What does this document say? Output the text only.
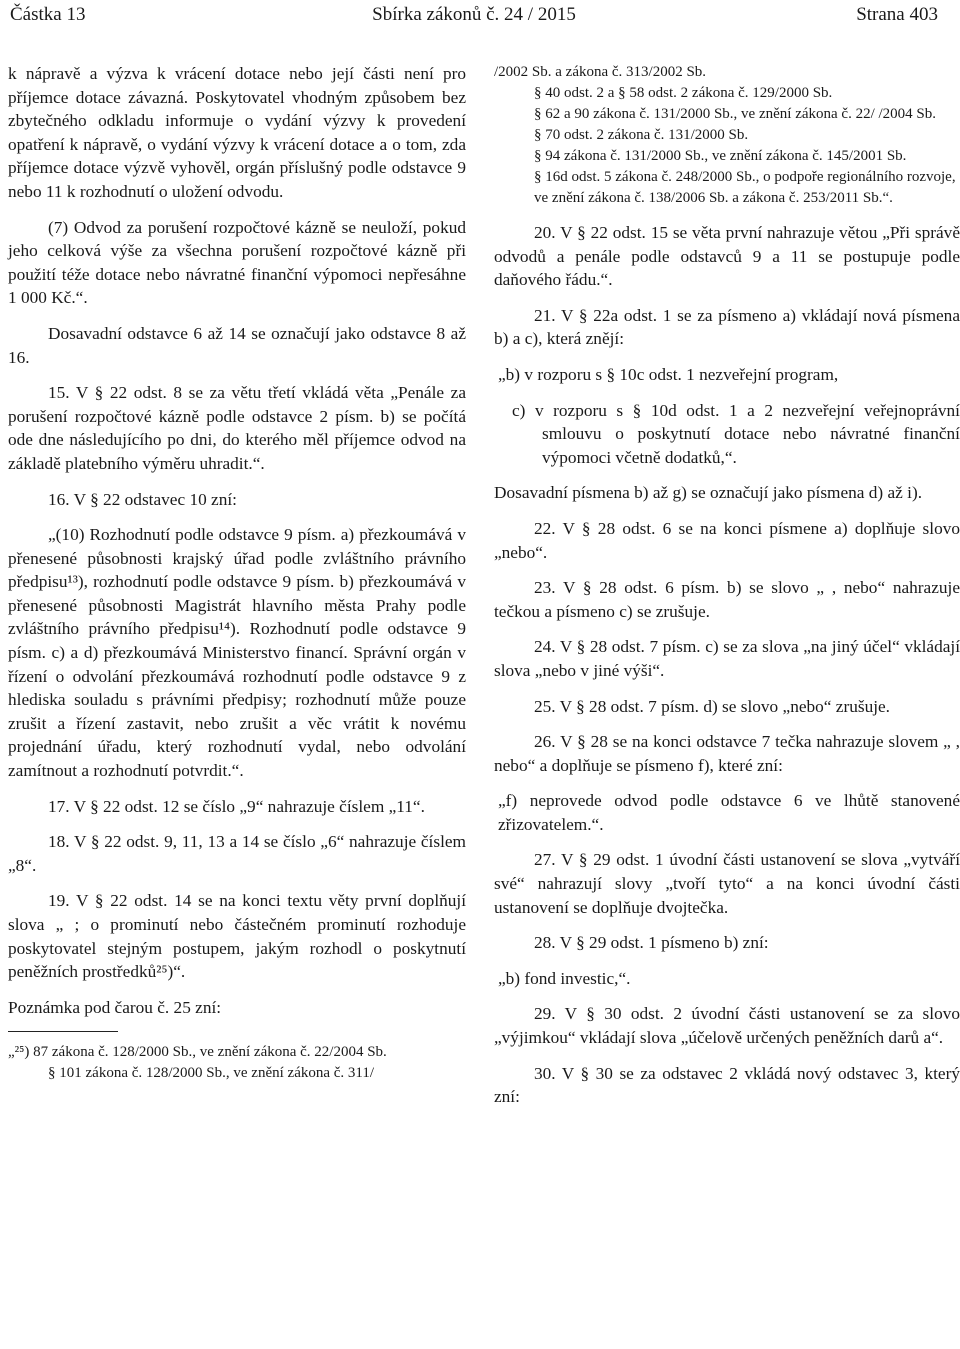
Částka 13	Sbírka zákonů č. 24 / 2015	Strana 403

k nápravě a výzva k vrácení dotace nebo její části není pro příjemce dotace závazná. Poskytovatel vhodným způsobem bez zbytečného odkladu informuje o vydání výzvy k provedení opatření k nápravě, o vydání výzvy k vrácení dotace a o tom, zda příjemce dotace výzvě vyhověl, orgán příslušný podle odstavce 9 nebo 11 k rozhodnutí o uložení odvodu.

(7) Odvod za porušení rozpočtové kázně se neuloží, pokud jeho celková výše za všechna porušení rozpočtové kázně při použití téže dotace nebo návratné finanční výpomoci nepřesáhne 1 000 Kč.“.

Dosavadní odstavce 6 až 14 se označují jako odstavce 8 až 16.

15. V § 22 odst. 8 se za větu třetí vkládá věta „Penále za porušení rozpočtové kázně podle odstavce 2 písm. b) se počítá ode dne následujícího po dni, do kterého měl příjemce odvod na základě platebního výměru uhradit.“.

16. V § 22 odstavec 10 zní:

„(10) Rozhodnutí podle odstavce 9 písm. a) přezkoumává v přenesené působnosti krajský úřad podle zvláštního právního předpisu¹³), rozhodnutí podle odstavce 9 písm. b) přezkoumává v přenesené působnosti Magistrát hlavního města Prahy podle zvláštního právního předpisu¹⁴). Rozhodnutí podle odstavce 9 písm. c) a d) přezkoumává Ministerstvo financí. Správní orgán v řízení o odvolání přezkoumává rozhodnutí podle odstavce 9 z hlediska souladu s právními předpisy; rozhodnutí může pouze zrušit a řízení zastavit, nebo zrušit a věc vrátit k novému projednání úřadu, který rozhodnutí vydal, nebo odvolání zamítnout a rozhodnutí potvrdit.“.

17. V § 22 odst. 12 se číslo „9“ nahrazuje číslem „11“.

18. V § 22 odst. 9, 11, 13 a 14 se číslo „6“ nahrazuje číslem „8“.

19. V § 22 odst. 14 se na konci textu věty první doplňují slova „ ; o prominutí nebo částečném prominutí rozhoduje poskytovatel stejným postupem, jakým rozhodl o poskytnutí peněžních prostředků²⁵)“.

Poznámka pod čarou č. 25 zní:

„²⁵) 87 zákona č. 128/2000 Sb., ve znění zákona č. 22/2004 Sb.

§ 101 zákona č. 128/2000 Sb., ve znění zákona č. 311/

/2002 Sb. a zákona č. 313/2002 Sb.

§ 40 odst. 2 a § 58 odst. 2 zákona č. 129/2000 Sb.

§ 62 a 90 zákona č. 131/2000 Sb., ve znění zákona č. 22/ /2004 Sb.

§ 70 odst. 2 zákona č. 131/2000 Sb.

§ 94 zákona č. 131/2000 Sb., ve znění zákona č. 145/2001 Sb.

§ 16d odst. 5 zákona č. 248/2000 Sb., o podpoře regionálního rozvoje, ve znění zákona č. 138/2006 Sb. a zákona č. 253/2011 Sb.“.

20. V § 22 odst. 15 se věta první nahrazuje větou „Při správě odvodů a penále podle odstavců 9 a 11 se postupuje podle daňového řádu.“.

21. V § 22a odst. 1 se za písmeno a) vkládají nová písmena b) a c), která znějí:

„b) v rozporu s § 10c odst. 1 nezveřejní program,

c) v rozporu s § 10d odst. 1 a 2 nezveřejní veřejnoprávní smlouvu o poskytnutí dotace nebo návratné finanční výpomoci včetně dodatků,“.

Dosavadní písmena b) až g) se označují jako písmena d) až i).

22. V § 28 odst. 6 se na konci písmene a) doplňuje slovo „nebo“.

23. V § 28 odst. 6 písm. b) se slovo „ , nebo“ nahrazuje tečkou a písmeno c) se zrušuje.

24. V § 28 odst. 7 písm. c) se za slova „na jiný účel“ vkládají slova „nebo v jiné výši“.

25. V § 28 odst. 7 písm. d) se slovo „nebo“ zrušuje.

26. V § 28 se na konci odstavce 7 tečka nahrazuje slovem „ , nebo“ a doplňuje se písmeno f), které zní:

„f) neprovede odvod podle odstavce 6 ve lhůtě stanovené zřizovatelem.“.

27. V § 29 odst. 1 úvodní části ustanovení se slova „vytváří své“ nahrazují slovy „tvoří tyto“ a na konci úvodní části ustanovení se doplňuje dvojtečka.

28. V § 29 odst. 1 písmeno b) zní:

„b) fond investic,“.

29. V § 30 odst. 2 úvodní části ustanovení se za slovo „výjimkou“ vkládají slova „účelově určených peněžních darů a“.

30. V § 30 se za odstavec 2 vkládá nový odstavec 3, který zní:
